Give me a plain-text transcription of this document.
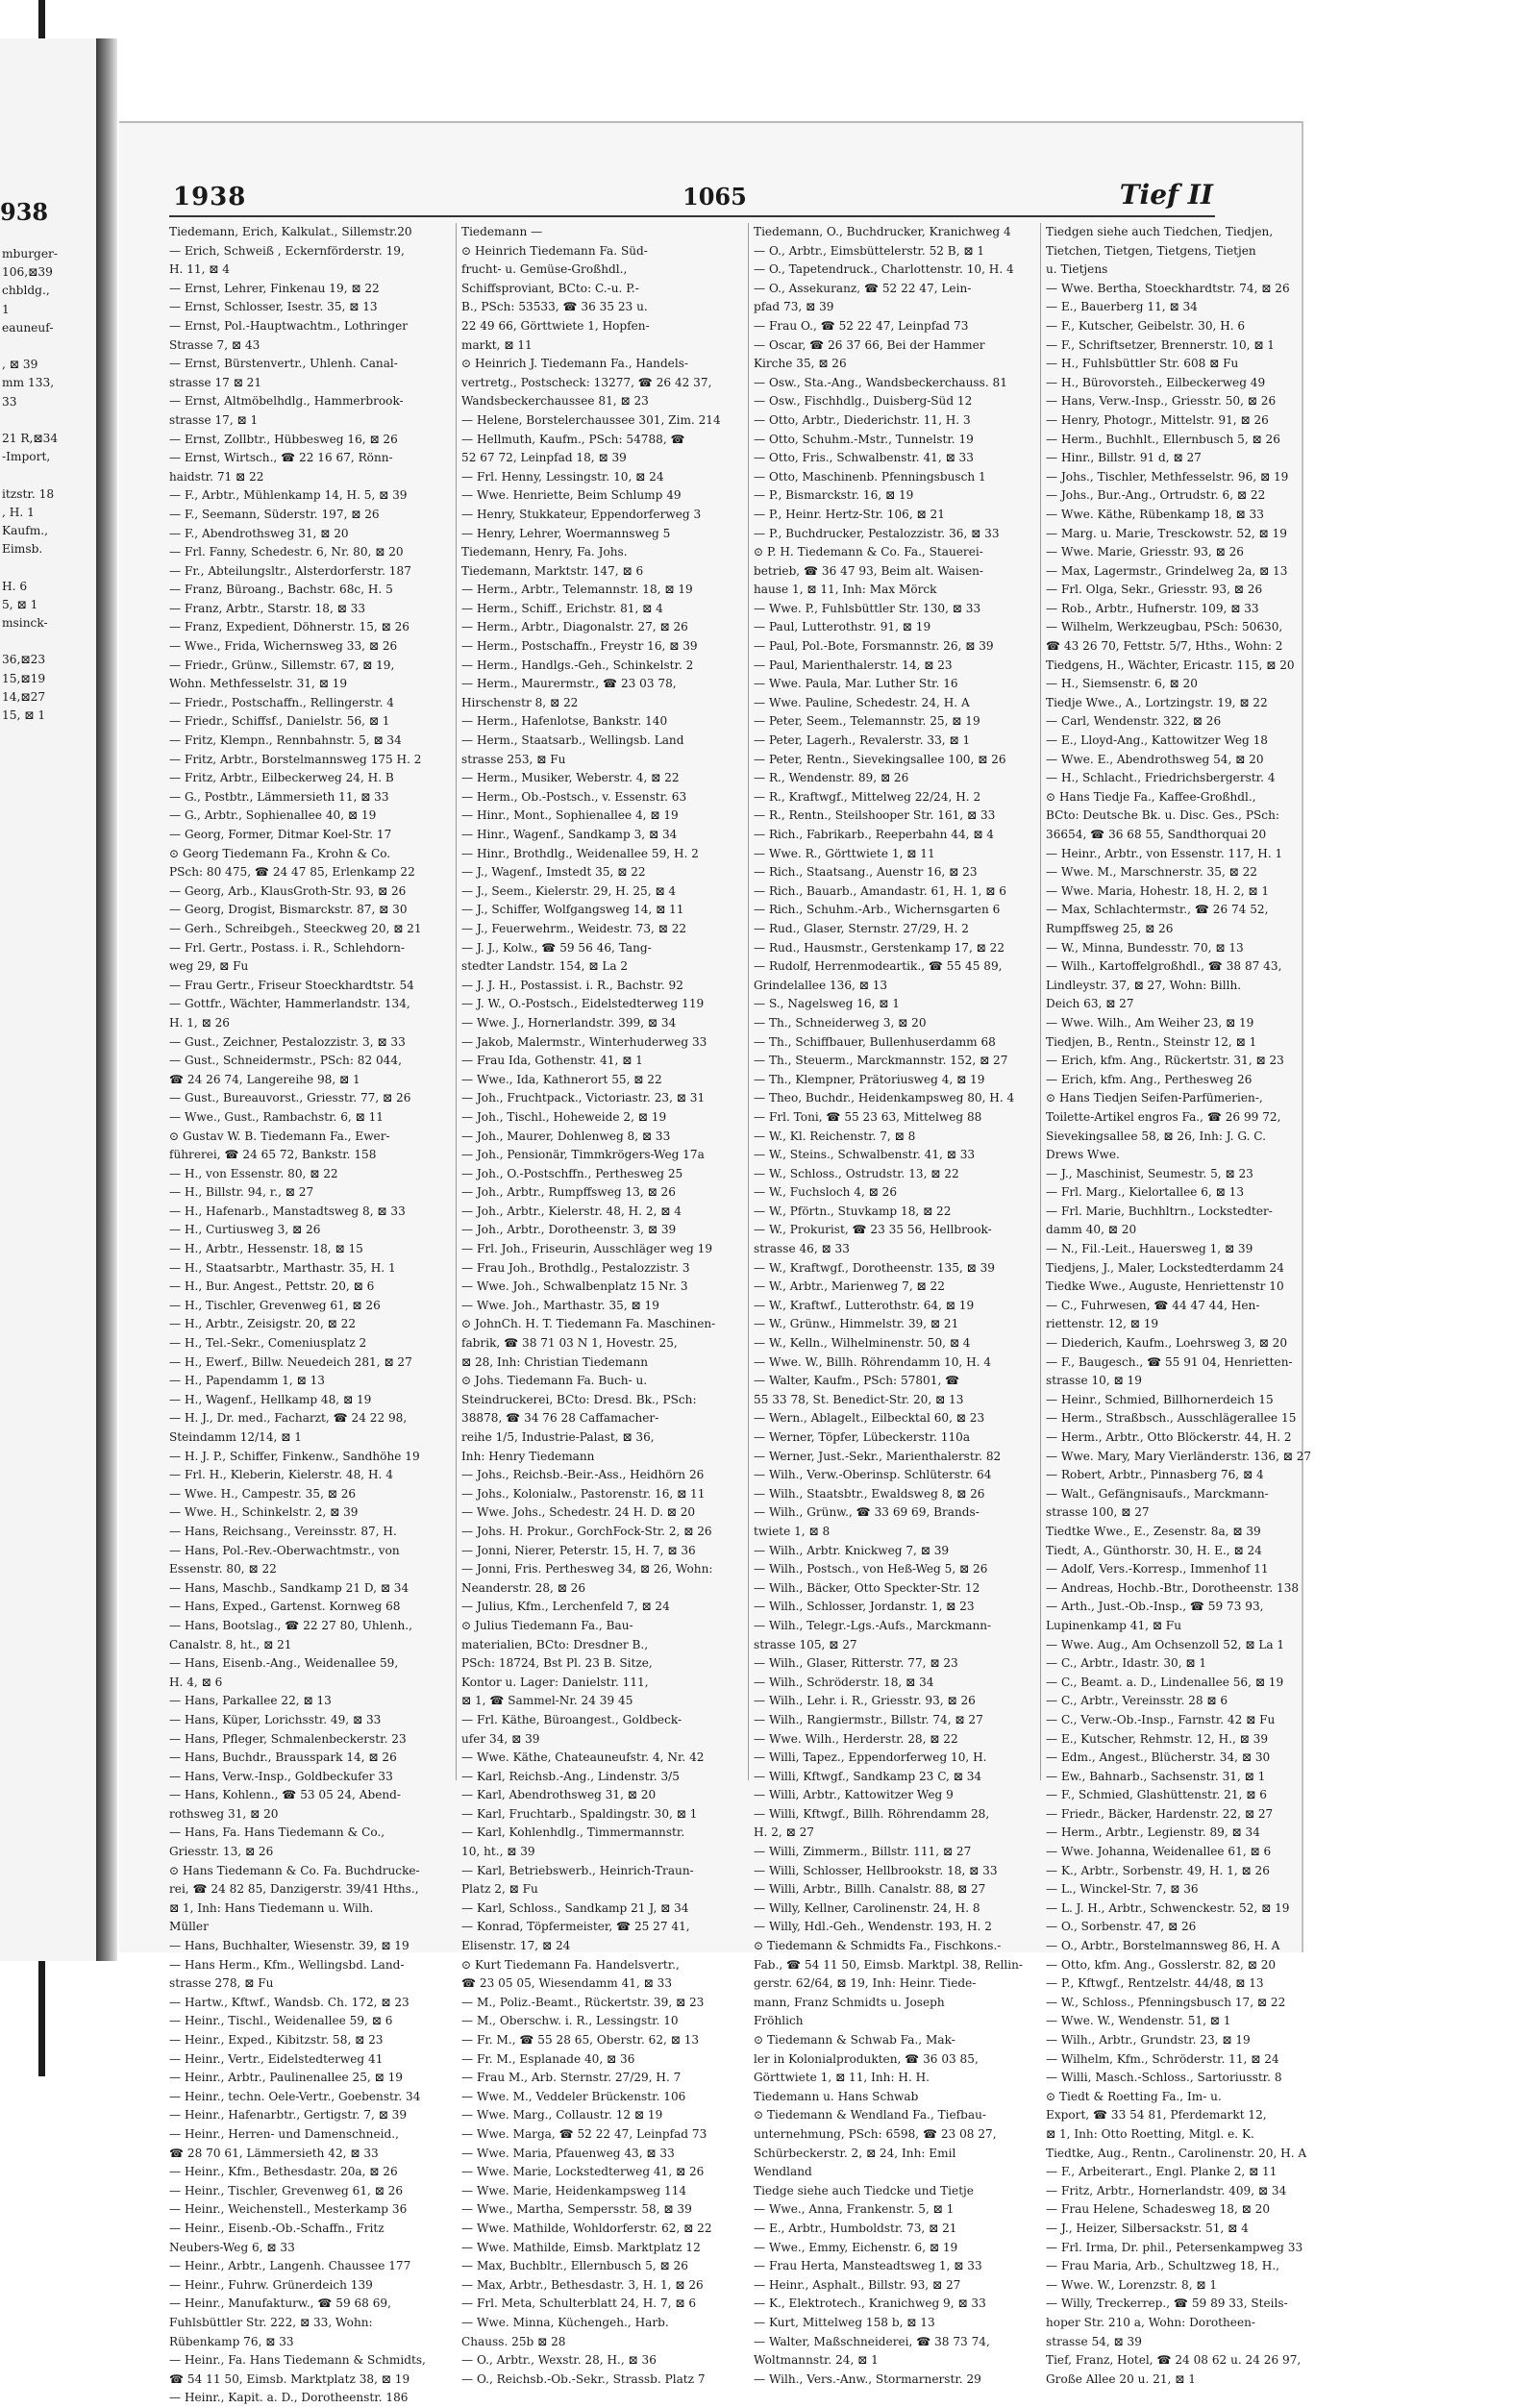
938
mburger-
106,⊠39
chbldg.,
1
eauneuf-

, ⊠ 39
mm 133,
33

21 R,⊠34
-Import,

itzstr. 18
, H. 1
Kaufm.,
Eimsb.

H. 6
5, ⊠ 1
msinck-

36,⊠23
15,⊠19
14,⊠27
15, ⊠ 1
1938	1065	Tief II

Tiedemann, Erich, Kalkulat., Sillemstr.20

— Erich, Schweiß , Eckernförderstr. 19,

H. 11, ⊠ 4

— Ernst, Lehrer, Finkenau 19, ⊠ 22

— Ernst, Schlosser, Isestr. 35, ⊠ 13

— Ernst, Pol.-Hauptwachtm., Lothringer

Strasse 7, ⊠ 43

— Ernst, Bürstenvertr., Uhlenh. Canal-

strasse 17 ⊠ 21

— Ernst, Altmöbelhdlg., Hammerbrook-

strasse 17, ⊠ 1

— Ernst, Zollbtr., Hübbesweg 16, ⊠ 26

— Ernst, Wirtsch., ☎ 22 16 67, Rönn-

haidstr. 71 ⊠ 22

— F., Arbtr., Mühlenkamp 14, H. 5, ⊠ 39

— F., Seemann, Süderstr. 197, ⊠ 26

— F., Abendrothsweg 31, ⊠ 20

— Frl. Fanny, Schedestr. 6, Nr. 80, ⊠ 20

— Fr., Abteilungsltr., Alsterdorferstr. 187

— Franz, Büroang., Bachstr. 68c, H. 5

— Franz, Arbtr., Starstr. 18, ⊠ 33

— Franz, Expedient, Döhnerstr. 15, ⊠ 26

— Wwe., Frida, Wichernsweg 33, ⊠ 26

— Friedr., Grünw., Sillemstr. 67, ⊠ 19,

Wohn. Methfesselstr. 31, ⊠ 19

— Friedr., Postschaffn., Rellingerstr. 4

— Friedr., Schiffsf., Danielstr. 56, ⊠ 1

— Fritz, Klempn., Rennbahnstr. 5, ⊠ 34

— Fritz, Arbtr., Borstelmannsweg 175 H. 2

— Fritz, Arbtr., Eilbeckerweg 24, H. B

— G., Postbtr., Lämmersieth 11, ⊠ 33

— G., Arbtr., Sophienallee 40, ⊠ 19

— Georg, Former, Ditmar Koel-Str. 17

⊙ Georg Tiedemann Fa., Krohn & Co.

PSch: 80 475, ☎ 24 47 85, Erlenkamp 22

— Georg, Arb., KlausGroth-Str. 93, ⊠ 26

— Georg, Drogist, Bismarckstr. 87, ⊠ 30

— Gerh., Schreibgeh., Steeckweg 20, ⊠ 21

— Frl. Gertr., Postass. i. R., Schlehdorn-

weg 29, ⊠ Fu

— Frau Gertr., Friseur Stoeckhardtstr. 54

— Gottfr., Wächter, Hammerlandstr. 134,

H. 1, ⊠ 26

— Gust., Zeichner, Pestalozzistr. 3, ⊠ 33

— Gust., Schneidermstr., PSch: 82 044,

☎ 24 26 74, Langereihe 98, ⊠ 1

— Gust., Bureauvorst., Griesstr. 77, ⊠ 26

— Wwe., Gust., Rambachstr. 6, ⊠ 11

⊙ Gustav W. B. Tiedemann Fa., Ewer-

führerei, ☎ 24 65 72, Bankstr. 158

— H., von Essenstr. 80, ⊠ 22

— H., Billstr. 94, r., ⊠ 27

— H., Hafenarb., Manstadtsweg 8, ⊠ 33

— H., Curtiusweg 3, ⊠ 26

— H., Arbtr., Hessenstr. 18, ⊠ 15

— H., Staatsarbtr., Marthastr. 35, H. 1

— H., Bur. Angest., Pettstr. 20, ⊠ 6

— H., Tischler, Grevenweg 61, ⊠ 26

— H., Arbtr., Zeisigstr. 20, ⊠ 22

— H., Tel.-Sekr., Comeniusplatz 2

— H., Ewerf., Billw. Neuedeich 281, ⊠ 27

— H., Papendamm 1, ⊠ 13

— H., Wagenf., Hellkamp 48, ⊠ 19

— H. J., Dr. med., Facharzt, ☎ 24 22 98,

Steindamm 12/14, ⊠ 1

— H. J. P., Schiffer, Finkenw., Sandhöhe 19

— Frl. H., Kleberin, Kielerstr. 48, H. 4

— Wwe. H., Campestr. 35, ⊠ 26

— Wwe. H., Schinkelstr. 2, ⊠ 39

— Hans, Reichsang., Vereinsstr. 87, H.

— Hans, Pol.-Rev.-Oberwachtmstr., von

Essenstr. 80, ⊠ 22

— Hans, Maschb., Sandkamp 21 D, ⊠ 34

— Hans, Exped., Gartenst. Kornweg 68

— Hans, Bootslag., ☎ 22 27 80, Uhlenh.,

Canalstr. 8, ht., ⊠ 21

— Hans, Eisenb.-Ang., Weidenallee 59,

H. 4, ⊠ 6

— Hans, Parkallee 22, ⊠ 13

— Hans, Küper, Lorichsstr. 49, ⊠ 33

— Hans, Pfleger, Schmalenbeckerstr. 23

— Hans, Buchdr., Brausspark 14, ⊠ 26

— Hans, Verw.-Insp., Goldbeckufer 33

— Hans, Kohlenn., ☎ 53 05 24, Abend-

rothsweg 31, ⊠ 20

— Hans, Fa. Hans Tiedemann & Co.,

Griesstr. 13, ⊠ 26

⊙ Hans Tiedemann & Co. Fa. Buchdrucke-

rei, ☎ 24 82 85, Danzigerstr. 39/41 Hths.,

⊠ 1, Inh: Hans Tiedemann u. Wilh.

Müller

— Hans, Buchhalter, Wiesenstr. 39, ⊠ 19

— Hans Herm., Kfm., Wellingsbd. Land-

strasse 278, ⊠ Fu

— Hartw., Kftwf., Wandsb. Ch. 172, ⊠ 23

— Heinr., Tischl., Weidenallee 59, ⊠ 6

— Heinr., Exped., Kibitzstr. 58, ⊠ 23

— Heinr., Vertr., Eidelstedterweg 41

— Heinr., Arbtr., Paulinenallee 25, ⊠ 19

— Heinr., techn. Oele-Vertr., Goebenstr. 34

— Heinr., Hafenarbtr., Gertigstr. 7, ⊠ 39

— Heinr., Herren- und Damenschneid.,

☎ 28 70 61, Lämmersieth 42, ⊠ 33

— Heinr., Kfm., Bethesdastr. 20a, ⊠ 26

— Heinr., Tischler, Grevenweg 61, ⊠ 26

— Heinr., Weichenstell., Mesterkamp 36

— Heinr., Eisenb.-Ob.-Schaffn., Fritz

Neubers-Weg 6, ⊠ 33

— Heinr., Arbtr., Langenh. Chaussee 177

— Heinr., Fuhrw. Grünerdeich 139

— Heinr., Manufakturw., ☎ 59 68 69,

Fuhlsbüttler Str. 222, ⊠ 33, Wohn:

Rübenkamp 76, ⊠ 33

— Heinr., Fa. Hans Tiedemann & Schmidts,

☎ 54 11 50, Eimsb. Marktplatz 38, ⊠ 19

— Heinr., Kapit. a. D., Dorotheenstr. 186

Tiedemann —

⊙ Heinrich Tiedemann Fa. Süd-

frucht- u. Gemüse-Großhdl.,

Schiffsproviant, BCto: C.-u. P.-

B., PSch: 53533, ☎ 36 35 23 u.

22 49 66, Görttwiete 1, Hopfen-

markt, ⊠ 11

⊙ Heinrich J. Tiedemann Fa., Handels-

vertretg., Postscheck: 13277, ☎ 26 42 37,

Wandsbeckerchaussee 81, ⊠ 23

— Helene, Borstelerchaussee 301, Zim. 214

— Hellmuth, Kaufm., PSch: 54788, ☎

52 67 72, Leinpfad 18, ⊠ 39

— Frl. Henny, Lessingstr. 10, ⊠ 24

— Wwe. Henriette, Beim Schlump 49

— Henry, Stukkateur, Eppendorferweg 3

— Henry, Lehrer, Woermannsweg 5

Tiedemann, Henry, Fa. Johs.

Tiedemann, Marktstr. 147, ⊠ 6

— Herm., Arbtr., Telemannstr. 18, ⊠ 19

— Herm., Schiff., Erichstr. 81, ⊠ 4

— Herm., Arbtr., Diagonalstr. 27, ⊠ 26

— Herm., Postschaffn., Freystr 16, ⊠ 39

— Herm., Handlgs.-Geh., Schinkelstr. 2

— Herm., Maurermstr., ☎ 23 03 78,

Hirschenstr 8, ⊠ 22

— Herm., Hafenlotse, Bankstr. 140

— Herm., Staatsarb., Wellingsb. Land

strasse 253, ⊠ Fu

— Herm., Musiker, Weberstr. 4, ⊠ 22

— Herm., Ob.-Postsch., v. Essenstr. 63

— Hinr., Mont., Sophienallee 4, ⊠ 19

— Hinr., Wagenf., Sandkamp 3, ⊠ 34

— Hinr., Brothdlg., Weidenallee 59, H. 2

— J., Wagenf., Imstedt 35, ⊠ 22

— J., Seem., Kielerstr. 29, H. 25, ⊠ 4

— J., Schiffer, Wolfgangsweg 14, ⊠ 11

— J., Feuerwehrm., Weidestr. 73, ⊠ 22

— J. J., Kolw., ☎ 59 56 46, Tang-

stedter Landstr. 154, ⊠ La 2

— J. J. H., Postassist. i. R., Bachstr. 92

— J. W., O.-Postsch., Eidelstedterweg 119

— Wwe. J., Hornerlandstr. 399, ⊠ 34

— Jakob, Malermstr., Winterhuderweg 33

— Frau Ida, Gothenstr. 41, ⊠ 1

— Wwe., Ida, Kathnerort 55, ⊠ 22

— Joh., Fruchtpack., Victoriastr. 23, ⊠ 31

— Joh., Tischl., Hoheweide 2, ⊠ 19

— Joh., Maurer, Dohlenweg 8, ⊠ 33

— Joh., Pensionär, Timmkrögers-Weg 17a

— Joh., O.-Postschffn., Perthesweg 25

— Joh., Arbtr., Rumpffsweg 13, ⊠ 26

— Joh., Arbtr., Kielerstr. 48, H. 2, ⊠ 4

— Joh., Arbtr., Dorotheenstr. 3, ⊠ 39

— Frl. Joh., Friseurin, Ausschläger weg 19

— Frau Joh., Brothdlg., Pestalozzistr. 3

— Wwe. Joh., Schwalbenplatz 15 Nr. 3

— Wwe. Joh., Marthastr. 35, ⊠ 19

⊙ JohnCh. H. T. Tiedemann Fa. Maschinen-

fabrik, ☎ 38 71 03 N 1, Hovestr. 25,

⊠ 28, Inh: Christian Tiedemann

⊙ Johs. Tiedemann Fa. Buch- u.

Steindruckerei, BCto: Dresd. Bk., PSch:

38878, ☎ 34 76 28 Caffamacher-

reihe 1/5, Industrie-Palast, ⊠ 36,

Inh: Henry Tiedemann

— Johs., Reichsb.-Beir.-Ass., Heidhörn 26

— Johs., Kolonialw., Pastorenstr. 16, ⊠ 11

— Wwe. Johs., Schedestr. 24 H. D. ⊠ 20

— Johs. H. Prokur., GorchFock-Str. 2, ⊠ 26

— Jonni, Nierer, Peterstr. 15, H. 7, ⊠ 36

— Jonni, Fris. Perthesweg 34, ⊠ 26, Wohn:

Neanderstr. 28, ⊠ 26

— Julius, Kfm., Lerchenfeld 7, ⊠ 24

⊙ Julius Tiedemann Fa., Bau-

materialien, BCto: Dresdner B.,

PSch: 18724, Bst Pl. 23 B. Sitze,

Kontor u. Lager: Danielstr. 111,

⊠ 1, ☎ Sammel-Nr. 24 39 45

— Frl. Käthe, Büroangest., Goldbeck-

ufer 34, ⊠ 39

— Wwe. Käthe, Chateauneufstr. 4, Nr. 42

— Karl, Reichsb.-Ang., Lindenstr. 3/5

— Karl, Abendrothsweg 31, ⊠ 20

— Karl, Fruchtarb., Spaldingstr. 30, ⊠ 1

— Karl, Kohlenhdlg., Timmermannstr.

10, ht., ⊠ 39

— Karl, Betriebswerb., Heinrich-Traun-

Platz 2, ⊠ Fu

— Karl, Schloss., Sandkamp 21 J, ⊠ 34

— Konrad, Töpfermeister, ☎ 25 27 41,

Elisenstr. 17, ⊠ 24

⊙ Kurt Tiedemann Fa. Handelsvertr.,

☎ 23 05 05, Wiesendamm 41, ⊠ 33

— M., Poliz.-Beamt., Rückertstr. 39, ⊠ 23

— M., Oberschw. i. R., Lessingstr. 10

— Fr. M., ☎ 55 28 65, Oberstr. 62, ⊠ 13

— Fr. M., Esplanade 40, ⊠ 36

— Frau M., Arb. Sternstr. 27/29, H. 7

— Wwe. M., Veddeler Brückenstr. 106

— Wwe. Marg., Collaustr. 12 ⊠ 19

— Wwe. Marga, ☎ 52 22 47, Leinpfad 73

— Wwe. Maria, Pfauenweg 43, ⊠ 33

— Wwe. Marie, Lockstedterweg 41, ⊠ 26

— Wwe. Marie, Heidenkampsweg 114

— Wwe., Martha, Sempersstr. 58, ⊠ 39

— Wwe. Mathilde, Wohldorferstr. 62, ⊠ 22

— Wwe. Mathilde, Eimsb. Marktplatz 12

— Max, Buchbltr., Ellernbusch 5, ⊠ 26

— Max, Arbtr., Bethesdastr. 3, H. 1, ⊠ 26

— Frl. Meta, Schulterblatt 24, H. 7, ⊠ 6

— Wwe. Minna, Küchengeh., Harb.

Chauss. 25b ⊠ 28

— O., Arbtr., Wexstr. 28, H., ⊠ 36

— O., Reichsb.-Ob.-Sekr., Strassb. Platz 7

Tiedemann, O., Buchdrucker, Kranichweg 4

— O., Arbtr., Eimsbüttelerstr. 52 B, ⊠ 1

— O., Tapetendruck., Charlottenstr. 10, H. 4

— O., Assekuranz, ☎ 52 22 47, Lein-

pfad 73, ⊠ 39

— Frau O., ☎ 52 22 47, Leinpfad 73

— Oscar, ☎ 26 37 66, Bei der Hammer

Kirche 35, ⊠ 26

— Osw., Sta.-Ang., Wandsbeckerchauss. 81

— Osw., Fischhdlg., Duisberg-Süd 12

— Otto, Arbtr., Diederichstr. 11, H. 3

— Otto, Schuhm.-Mstr., Tunnelstr. 19

— Otto, Fris., Schwalbenstr. 41, ⊠ 33

— Otto, Maschinenb. Pfenningsbusch 1

— P., Bismarckstr. 16, ⊠ 19

— P., Heinr. Hertz-Str. 106, ⊠ 21

— P., Buchdrucker, Pestalozzistr. 36, ⊠ 33

⊙ P. H. Tiedemann & Co. Fa., Stauerei-

betrieb, ☎ 36 47 93, Beim alt. Waisen-

hause 1, ⊠ 11, Inh: Max Mörck

— Wwe. P., Fuhlsbüttler Str. 130, ⊠ 33

— Paul, Lutterothstr. 91, ⊠ 19

— Paul, Pol.-Bote, Forsmannstr. 26, ⊠ 39

— Paul, Marienthalerstr. 14, ⊠ 23

— Wwe. Paula, Mar. Luther Str. 16

— Wwe. Pauline, Schedestr. 24, H. A

— Peter, Seem., Telemannstr. 25, ⊠ 19

— Peter, Lagerh., Revalerstr. 33, ⊠ 1

— Peter, Rentn., Sievekingsallee 100, ⊠ 26

— R., Wendenstr. 89, ⊠ 26

— R., Kraftwgf., Mittelweg 22/24, H. 2

— R., Rentn., Steilshooper Str. 161, ⊠ 33

— Rich., Fabrikarb., Reeperbahn 44, ⊠ 4

— Wwe. R., Görttwiete 1, ⊠ 11

— Rich., Staatsang., Auenstr 16, ⊠ 23

— Rich., Bauarb., Amandastr. 61, H. 1, ⊠ 6

— Rich., Schuhm.-Arb., Wichernsgarten 6

— Rud., Glaser, Sternstr. 27/29, H. 2

— Rud., Hausmstr., Gerstenkamp 17, ⊠ 22

— Rudolf, Herrenmodeartik., ☎ 55 45 89,

Grindelallee 136, ⊠ 13

— S., Nagelsweg 16, ⊠ 1

— Th., Schneiderweg 3, ⊠ 20

— Th., Schiffbauer, Bullenhuserdamm 68

— Th., Steuerm., Marckmannstr. 152, ⊠ 27

— Th., Klempner, Prätoriusweg 4, ⊠ 19

— Theo, Buchdr., Heidenkampsweg 80, H. 4

— Frl. Toni, ☎ 55 23 63, Mittelweg 88

— W., Kl. Reichenstr. 7, ⊠ 8

— W., Steins., Schwalbenstr. 41, ⊠ 33

— W., Schloss., Ostrudstr. 13, ⊠ 22

— W., Fuchsloch 4, ⊠ 26

— W., Pförtn., Stuvkamp 18, ⊠ 22

— W., Prokurist, ☎ 23 35 56, Hellbrook-

strasse 46, ⊠ 33

— W., Kraftwgf., Dorotheenstr. 135, ⊠ 39

— W., Arbtr., Marienweg 7, ⊠ 22

— W., Kraftwf., Lutterothstr. 64, ⊠ 19

— W., Grünw., Himmelstr. 39, ⊠ 21

— W., Kelln., Wilhelminenstr. 50, ⊠ 4

— Wwe. W., Billh. Röhrendamm 10, H. 4

— Walter, Kaufm., PSch: 57801, ☎

55 33 78, St. Benedict-Str. 20, ⊠ 13

— Wern., Ablagelt., Eilbecktal 60, ⊠ 23

— Werner, Töpfer, Lübeckerstr. 110a

— Werner, Just.-Sekr., Marienthalerstr. 82

— Wilh., Verw.-Oberinsp. Schlüterstr. 64

— Wilh., Staatsbtr., Ewaldsweg 8, ⊠ 26

— Wilh., Grünw., ☎ 33 69 69, Brands-

twiete 1, ⊠ 8

— Wilh., Arbtr. Knickweg 7, ⊠ 39

— Wilh., Postsch., von Heß-Weg 5, ⊠ 26

— Wilh., Bäcker, Otto Speckter-Str. 12

— Wilh., Schlosser, Jordanstr. 1, ⊠ 23

— Wilh., Telegr.-Lgs.-Aufs., Marckmann-

strasse 105, ⊠ 27

— Wilh., Glaser, Ritterstr. 77, ⊠ 23

— Wilh., Schröderstr. 18, ⊠ 34

— Wilh., Lehr. i. R., Griesstr. 93, ⊠ 26

— Wilh., Rangiermstr., Billstr. 74, ⊠ 27

— Wwe. Wilh., Herderstr. 28, ⊠ 22

— Willi, Tapez., Eppendorferweg 10, H.

— Willi, Kftwgf., Sandkamp 23 C, ⊠ 34

— Willi, Arbtr., Kattowitzer Weg 9

— Willi, Kftwgf., Billh. Röhrendamm 28,

H. 2, ⊠ 27

— Willi, Zimmerm., Billstr. 111, ⊠ 27

— Willi, Schlosser, Hellbrookstr. 18, ⊠ 33

— Willi, Arbtr., Billh. Canalstr. 88, ⊠ 27

— Willy, Kellner, Carolinenstr. 24, H. 8

— Willy, Hdl.-Geh., Wendenstr. 193, H. 2

⊙ Tiedemann & Schmidts Fa., Fischkons.-

Fab., ☎ 54 11 50, Eimsb. Marktpl. 38, Rellin-

gerstr. 62/64, ⊠ 19, Inh: Heinr. Tiede-

mann, Franz Schmidts u. Joseph

Fröhlich

⊙ Tiedemann & Schwab Fa., Mak-

ler in Kolonialprodukten, ☎ 36 03 85,

Görttwiete 1, ⊠ 11, Inh: H. H.

Tiedemann u. Hans Schwab

⊙ Tiedemann & Wendland Fa., Tiefbau-

unternehmung, PSch: 6598, ☎ 23 08 27,

Schürbeckerstr. 2, ⊠ 24, Inh: Emil

Wendland

Tiedge siehe auch Tiedcke und Tietje

— Wwe., Anna, Frankenstr. 5, ⊠ 1

— E., Arbtr., Humboldstr. 73, ⊠ 21

— Wwe., Emmy, Eichenstr. 6, ⊠ 19

— Frau Herta, Mansteadtsweg 1, ⊠ 33

— Heinr., Asphalt., Billstr. 93, ⊠ 27

— K., Elektrotech., Kranichweg 9, ⊠ 33

— Kurt, Mittelweg 158 b, ⊠ 13

— Walter, Maßschneiderei, ☎ 38 73 74,

Woltmannstr. 24, ⊠ 1

— Wilh., Vers.-Anw., Stormarnerstr. 29

Tiedgen siehe auch Tiedchen, Tiedjen,

Tietchen, Tietgen, Tietgens, Tietjen

u. Tietjens

— Wwe. Bertha, Stoeckhardtstr. 74, ⊠ 26

— E., Bauerberg 11, ⊠ 34

— F., Kutscher, Geibelstr. 30, H. 6

— F., Schriftsetzer, Brennerstr. 10, ⊠ 1

— H., Fuhlsbüttler Str. 608 ⊠ Fu

— H., Bürovorsteh., Eilbeckerweg 49

— Hans, Verw.-Insp., Griesstr. 50, ⊠ 26

— Henry, Photogr., Mittelstr. 91, ⊠ 26

— Herm., Buchhlt., Ellernbusch 5, ⊠ 26

— Hinr., Billstr. 91 d, ⊠ 27

— Johs., Tischler, Methfesselstr. 96, ⊠ 19

— Johs., Bur.-Ang., Ortrudstr. 6, ⊠ 22

— Wwe. Käthe, Rübenkamp 18, ⊠ 33

— Marg. u. Marie, Tresckowstr. 52, ⊠ 19

— Wwe. Marie, Griesstr. 93, ⊠ 26

— Max, Lagermstr., Grindelweg 2a, ⊠ 13

— Frl. Olga, Sekr., Griesstr. 93, ⊠ 26

— Rob., Arbtr., Hufnerstr. 109, ⊠ 33

— Wilhelm, Werkzeugbau, PSch: 50630,

☎ 43 26 70, Fettstr. 5/7, Hths., Wohn: 2

Tiedgens, H., Wächter, Ericastr. 115, ⊠ 20

— H., Siemsenstr. 6, ⊠ 20

Tiedje Wwe., A., Lortzingstr. 19, ⊠ 22

— Carl, Wendenstr. 322, ⊠ 26

— E., Lloyd-Ang., Kattowitzer Weg 18

— Wwe. E., Abendrothsweg 54, ⊠ 20

— H., Schlacht., Friedrichsbergerstr. 4

⊙ Hans Tiedje Fa., Kaffee-Großhdl.,

BCto: Deutsche Bk. u. Disc. Ges., PSch:

36654, ☎ 36 68 55, Sandthorquai 20

— Heinr., Arbtr., von Essenstr. 117, H. 1

— Wwe. M., Marschnerstr. 35, ⊠ 22

— Wwe. Maria, Hohestr. 18, H. 2, ⊠ 1

— Max, Schlachtermstr., ☎ 26 74 52,

Rumpffsweg 25, ⊠ 26

— W., Minna, Bundesstr. 70, ⊠ 13

— Wilh., Kartoffelgroßhdl., ☎ 38 87 43,

Lindleystr. 37, ⊠ 27, Wohn: Billh.

Deich 63, ⊠ 27

— Wwe. Wilh., Am Weiher 23, ⊠ 19

Tiedjen, B., Rentn., Steinstr 12, ⊠ 1

— Erich, kfm. Ang., Rückertstr. 31, ⊠ 23

— Erich, kfm. Ang., Perthesweg 26

⊙ Hans Tiedjen Seifen-Parfümerien-,

Toilette-Artikel engros Fa., ☎ 26 99 72,

Sievekingsallee 58, ⊠ 26, Inh: J. G. C.

Drews Wwe.

— J., Maschinist, Seumestr. 5, ⊠ 23

— Frl. Marg., Kielortallee 6, ⊠ 13

— Frl. Marie, Buchhltrn., Lockstedter-

damm 40, ⊠ 20

— N., Fil.-Leit., Hauersweg 1, ⊠ 39

Tiedjens, J., Maler, Lockstedterdamm 24

Tiedke Wwe., Auguste, Henriettenstr 10

— C., Fuhrwesen, ☎ 44 47 44, Hen-

riettenstr. 12, ⊠ 19

— Diederich, Kaufm., Loehrsweg 3, ⊠ 20

— F., Baugesch., ☎ 55 91 04, Henrietten-

strasse 10, ⊠ 19

— Heinr., Schmied, Billhornerdeich 15

— Herm., Straßbsch., Ausschlägerallee 15

— Herm., Arbtr., Otto Blöckerstr. 44, H. 2

— Wwe. Mary, Mary Vierländerstr. 136, ⊠ 27

— Robert, Arbtr., Pinnasberg 76, ⊠ 4

— Walt., Gefängnisaufs., Marckmann-

strasse 100, ⊠ 27

Tiedtke Wwe., E., Zesenstr. 8a, ⊠ 39

Tiedt, A., Günthorstr. 30, H. E., ⊠ 24

— Adolf, Vers.-Korresp., Immenhof 11

— Andreas, Hochb.-Btr., Dorotheenstr. 138

— Arth., Just.-Ob.-Insp., ☎ 59 73 93,

Lupinenkamp 41, ⊠ Fu

— Wwe. Aug., Am Ochsenzoll 52, ⊠ La 1

— C., Arbtr., Idastr. 30, ⊠ 1

— C., Beamt. a. D., Lindenallee 56, ⊠ 19

— C., Arbtr., Vereinsstr. 28 ⊠ 6

— C., Verw.-Ob.-Insp., Farnstr. 42 ⊠ Fu

— E., Kutscher, Rehmstr. 12, H., ⊠ 39

— Edm., Angest., Blücherstr. 34, ⊠ 30

— Ew., Bahnarb., Sachsenstr. 31, ⊠ 1

— F., Schmied, Glashüttenstr. 21, ⊠ 6

— Friedr., Bäcker, Hardenstr. 22, ⊠ 27

— Herm., Arbtr., Legienstr. 89, ⊠ 34

— Wwe. Johanna, Weidenallee 61, ⊠ 6

— K., Arbtr., Sorbenstr. 49, H. 1, ⊠ 26

— L., Winckel-Str. 7, ⊠ 36

— L. J. H., Arbtr., Schwenckestr. 52, ⊠ 19

— O., Sorbenstr. 47, ⊠ 26

— O., Arbtr., Borstelmannsweg 86, H. A

— Otto, kfm. Ang., Gosslerstr. 82, ⊠ 20

— P., Kftwgf., Rentzelstr. 44/48, ⊠ 13

— W., Schloss., Pfenningsbusch 17, ⊠ 22

— Wwe. W., Wendenstr. 51, ⊠ 1

— Wilh., Arbtr., Grundstr. 23, ⊠ 19

— Wilhelm, Kfm., Schröderstr. 11, ⊠ 24

— Willi, Masch.-Schloss., Sartoriusstr. 8

⊙ Tiedt & Roetting Fa., Im- u.

Export, ☎ 33 54 81, Pferdemarkt 12,

⊠ 1, Inh: Otto Roetting, Mitgl. e. K.

Tiedtke, Aug., Rentn., Carolinenstr. 20, H. A

— F., Arbeiterart., Engl. Planke 2, ⊠ 11

— Fritz, Arbtr., Hornerlandstr. 409, ⊠ 34

— Frau Helene, Schadesweg 18, ⊠ 20

— J., Heizer, Silbersackstr. 51, ⊠ 4

— Frl. Irma, Dr. phil., Petersenkampweg 33

— Frau Maria, Arb., Schultzweg 18, H.,

— Wwe. W., Lorenzstr. 8, ⊠ 1

— Willy, Treckerrep., ☎ 59 89 33, Steils-

hoper Str. 210 a, Wohn: Dorotheen-

strasse 54, ⊠ 39

Tief, Franz, Hotel, ☎ 24 08 62 u. 24 26 97,

Große Allee 20 u. 21, ⊠ 1
